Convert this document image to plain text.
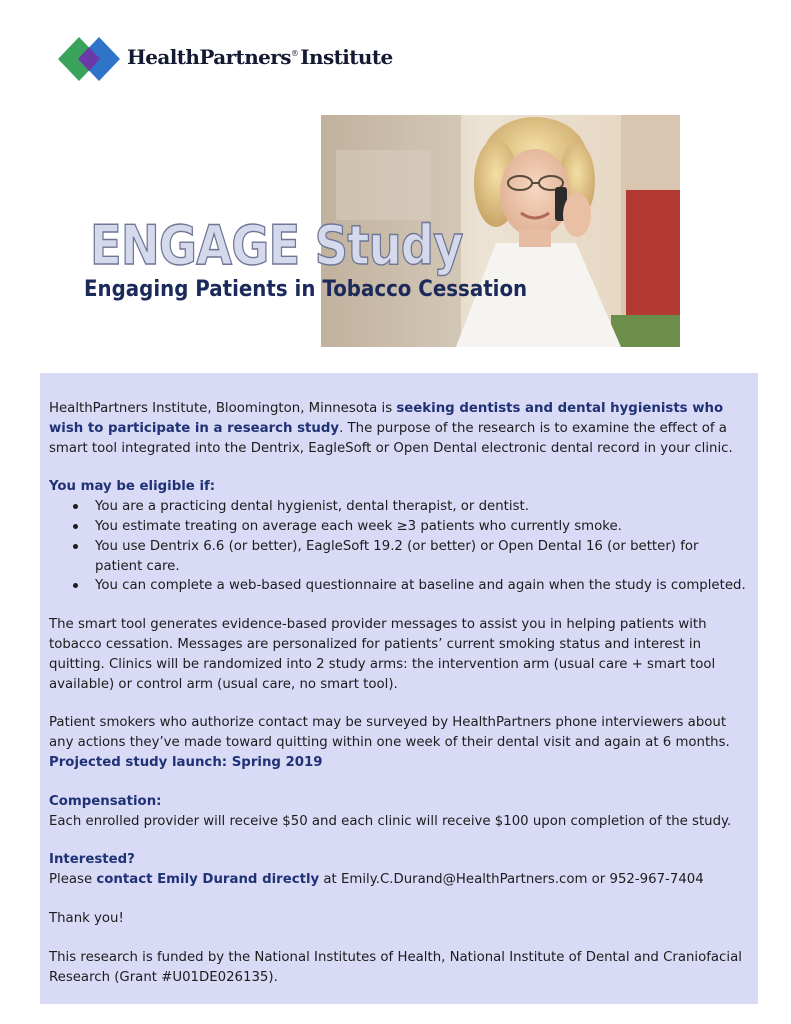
HealthPartners® Institute
ENGAGE Study
Engaging Patients in Tobacco Cessation

HealthPartners Institute, Bloomington, Minnesota is seeking dentists and dental hygienists who wish to participate in a research study. The purpose of the research is to examine the effect of a smart tool integrated into the Dentrix, EagleSoft or Open Dental electronic dental record in your clinic.

You may be eligible if:

You are a practicing dental hygienist, dental therapist, or dentist.
You estimate treating on average each week ≥3 patients who currently smoke.
You use Dentrix 6.6 (or better), EagleSoft 19.2 (or better) or Open Dental 16 (or better) for patient care.
You can complete a web-based questionnaire at baseline and again when the study is completed.

The smart tool generates evidence-based provider messages to assist you in helping patients with tobacco cessation. Messages are personalized for patients’ current smoking status and interest in quitting. Clinics will be randomized into 2 study arms: the intervention arm (usual care + smart tool available) or control arm (usual care, no smart tool).

Patient smokers who authorize contact may be surveyed by HealthPartners phone interviewers about any actions they’ve made toward quitting within one week of their dental visit and again at 6 months.

Projected study launch: Spring 2019

Compensation:

Each enrolled provider will receive $50 and each clinic will receive $100 upon completion of the study.

Interested?

Please contact Emily Durand directly at Emily.C.Durand@HealthPartners.com or 952-967-7404

Thank you!

This research is funded by the National Institutes of Health, National Institute of Dental and Craniofacial Research (Grant #U01DE026135).
